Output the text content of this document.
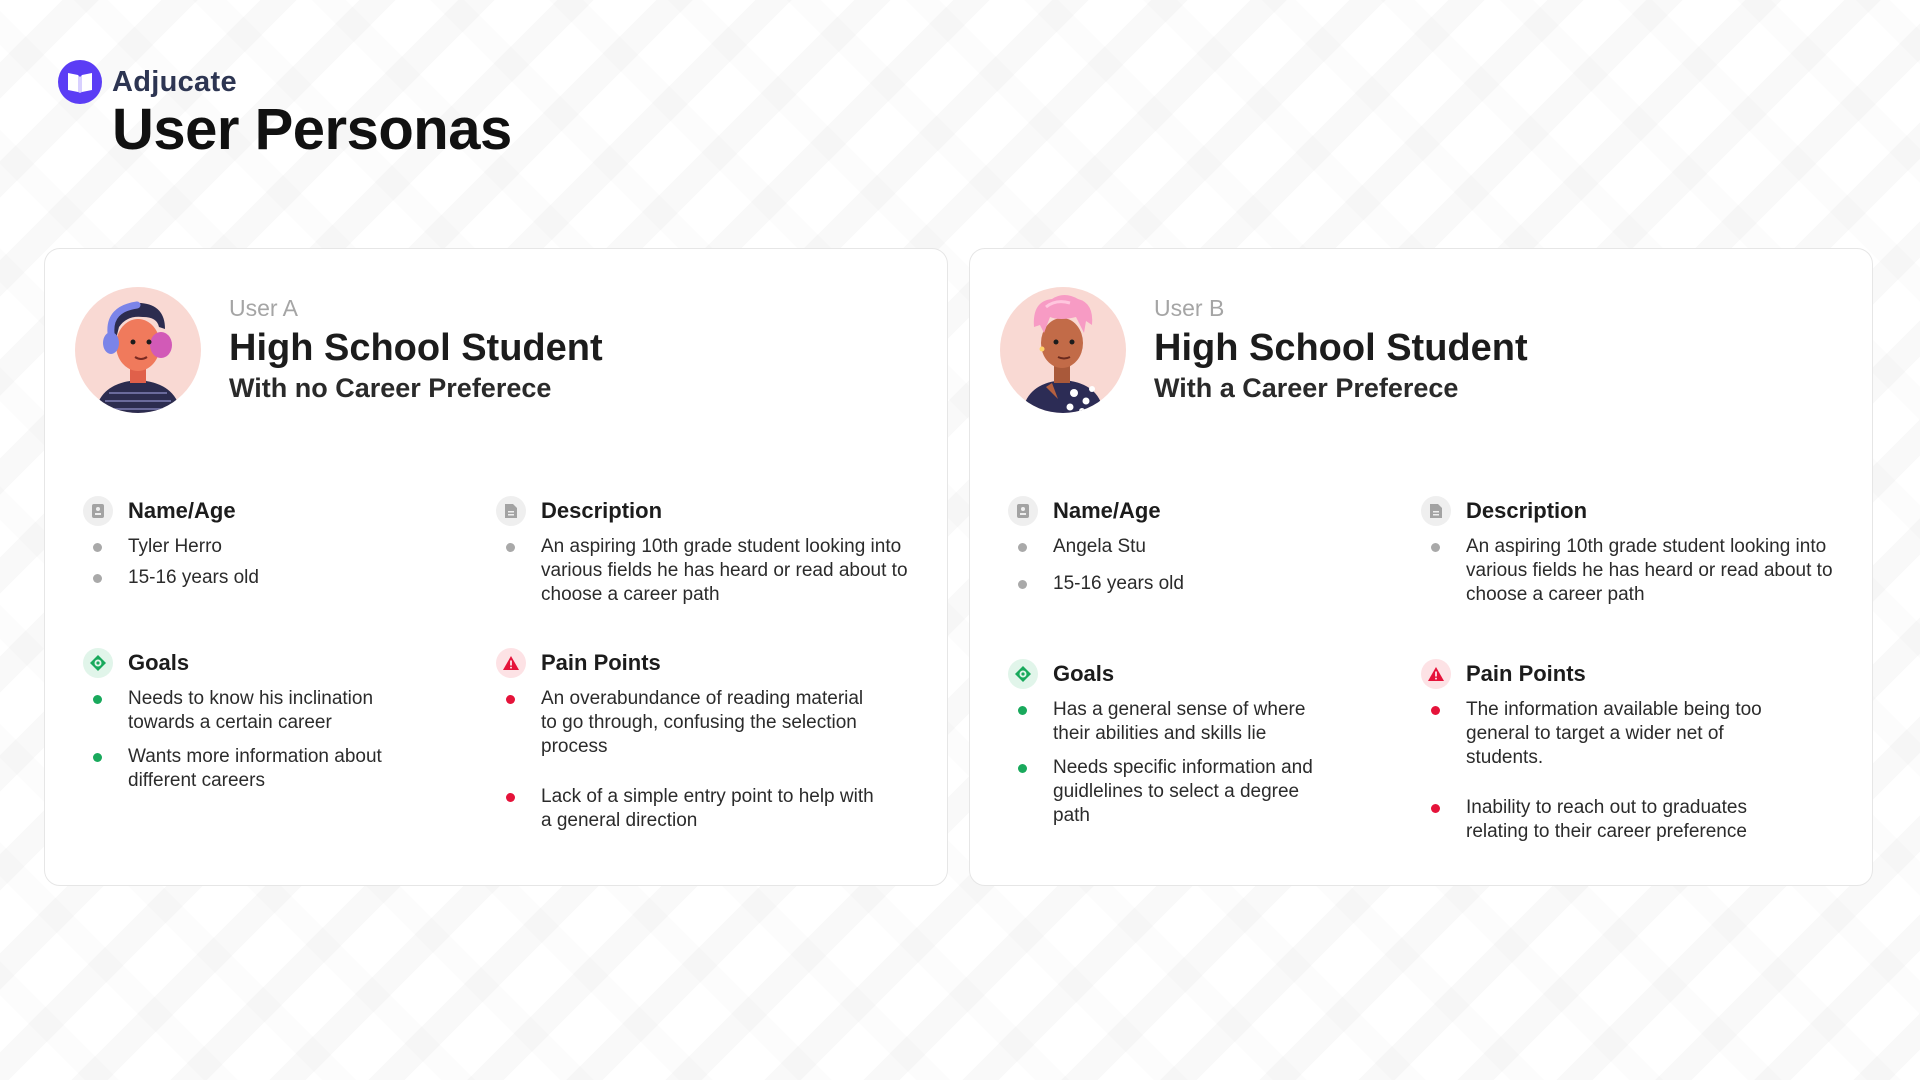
Adjucate
User Personas
User A
High School Student
With no Career Preferece
Name/Age
Tyler Herro
15-16 years old
Description
An aspiring 10th grade student looking into various fields he has heard or read about to choose a career path
Goals
Needs to know his inclination towards a certain career
Wants more information about different careers
Pain Points
An overabundance of reading material to go through, confusing the selection process
Lack of a simple entry point to help with a general direction
User B
High School Student
With a Career Preferece
Name/Age
Angela Stu
15-16 years old
Description
An aspiring 10th grade student looking into various fields he has heard or read about to choose a career path
Goals
Has a general sense of where their abilities and skills lie
Needs specific information and guidlelines to select a degree path
Pain Points
The information available being too general to target a wider net of students.
Inability to reach out to graduates relating to their career preference
